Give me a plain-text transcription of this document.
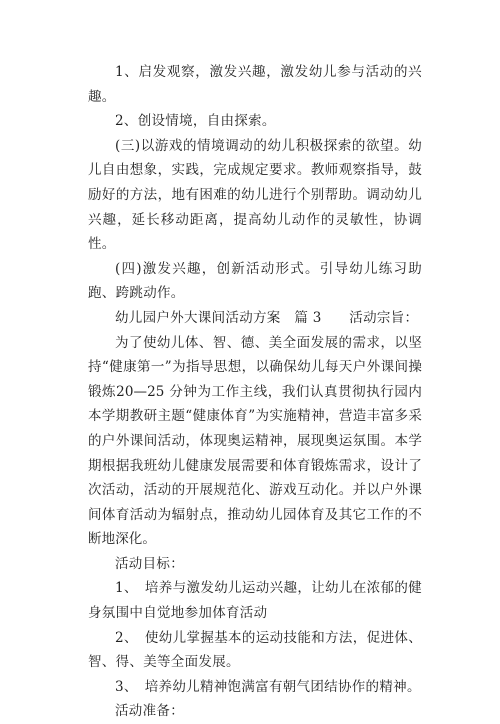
1、启发观察，激发兴趣，激发幼儿参与活动的兴趣。

2、创设情境，自由探索。

(三)以游戏的情境调动的幼儿积极探索的欲望。幼儿自由想象，实践，完成规定要求。教师观察指导，鼓励好的方法，地有困难的幼儿进行个别帮助。调动幼儿兴趣，延长移动距离，提高幼儿动作的灵敏性，协调性。

(四)激发兴趣，创新活动形式。引导幼儿练习助跑、跨跳动作。

幼儿园户外大课间活动方案　篇 3　　活动宗旨：

为了使幼儿体、智、德、美全面发展的需求，以坚持“健康第一”为指导思想，以确保幼儿每天户外课间操锻炼20—25 分钟为工作主线，我们认真贯彻执行园内本学期教研主题“健康体育”为实施精神，营造丰富多采的户外课间活动，体现奥运精神，展现奥运氛围。本学期根据我班幼儿健康发展需要和体育锻炼需求，设计了次活动，活动的开展规范化、游戏互动化。并以户外课间体育活动为辐射点，推动幼儿园体育及其它工作的不断地深化。

活动目标：

1、　培养与激发幼儿运动兴趣，让幼儿在浓郁的健身氛围中自觉地参加体育活动

2、　使幼儿掌握基本的运动技能和方法，促进体、智、得、美等全面发展。

3、　培养幼儿精神饱满富有朝气团结协作的精神。

活动准备：
